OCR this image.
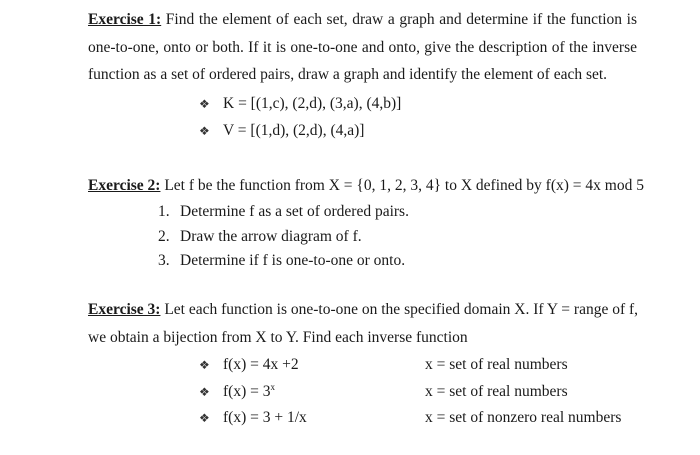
Exercise 1: Find the element of each set, draw a graph and determine if the function is
one-to-one, onto or both. If it is one-to-one and onto, give the description of the inverse
function as a set of ordered pairs, draw a graph and identify the element of each set.
❖ K = [(1,c), (2,d), (3,a), (4,b)]
❖ V = [(1,d), (2,d), (4,a)]
Exercise 2: Let f be the function from X = {0, 1, 2, 3, 4} to X defined by f(x) = 4x mod 5
1. Determine f as a set of ordered pairs.
2. Draw the arrow diagram of f.
3. Determine if f is one-to-one or onto.
Exercise 3: Let each function is one-to-one on the specified domain X. If Y = range of f,
we obtain a bijection from X to Y. Find each inverse function
❖ f(x) = 4x +2	x = set of real numbers
❖ $f(x) = 3^x$	x = set of real numbers
❖ f(x) = 3 + 1/x	x = set of nonzero real numbers
